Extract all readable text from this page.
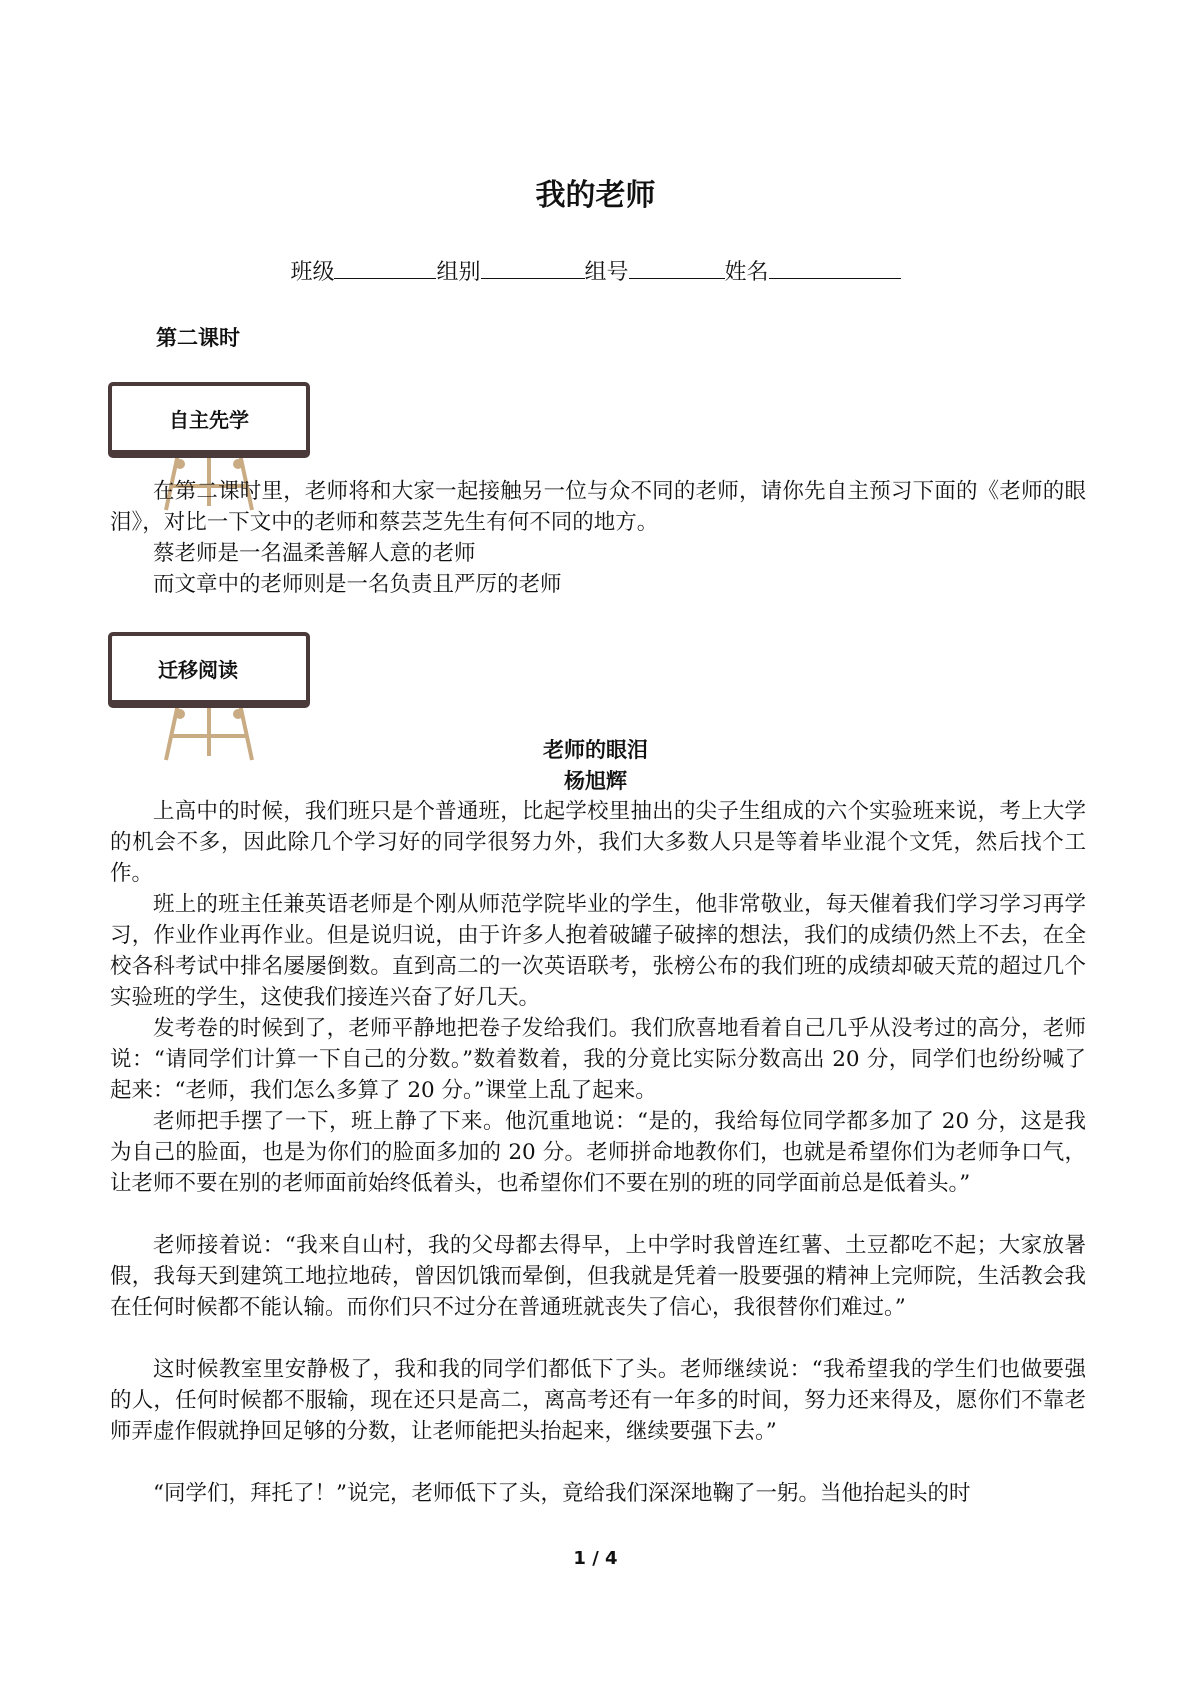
我的老师
班级	组别	组号	姓名
第二课时
自主先学

在第二课时里，老师将和大家一起接触另一位与众不同的老师，请你先自主预习下面的《老师的眼泪》，对比一下文中的老师和蔡芸芝先生有何不同的地方。

蔡老师是一名温柔善解人意的老师

而文章中的老师则是一名负责且严厉的老师

迁移阅读
老师的眼泪
杨旭辉

上高中的时候，我们班只是个普通班，比起学校里抽出的尖子生组成的六个实验班来说，考上大学的机会不多，因此除几个学习好的同学很努力外，我们大多数人只是等着毕业混个文凭，然后找个工作。

班上的班主任兼英语老师是个刚从师范学院毕业的学生，他非常敬业，每天催着我们学习学习再学习，作业作业再作业。但是说归说，由于许多人抱着破罐子破摔的想法，我们的成绩仍然上不去，在全校各科考试中排名屡屡倒数。直到高二的一次英语联考，张榜公布的我们班的成绩却破天荒的超过几个实验班的学生，这使我们接连兴奋了好几天。

发考卷的时候到了，老师平静地把卷子发给我们。我们欣喜地看着自己几乎从没考过的高分，老师说：“请同学们计算一下自己的分数。”数着数着，我的分竟比实际分数高出 20 分，同学们也纷纷喊了起来：“老师，我们怎么多算了 20 分。”课堂上乱了起来。

老师把手摆了一下，班上静了下来。他沉重地说：“是的，我给每位同学都多加了 20 分，这是我为自己的脸面，也是为你们的脸面多加的 20 分。老师拼命地教你们，也就是希望你们为老师争口气，让老师不要在别的老师面前始终低着头，也希望你们不要在别的班的同学面前总是低着头。”

老师接着说：“我来自山村，我的父母都去得早，上中学时我曾连红薯、土豆都吃不起；大家放暑假，我每天到建筑工地拉地砖，曾因饥饿而晕倒，但我就是凭着一股要强的精神上完师院，生活教会我在任何时候都不能认输。而你们只不过分在普通班就丧失了信心，我很替你们难过。”

这时候教室里安静极了，我和我的同学们都低下了头。老师继续说：“我希望我的学生们也做要强的人，任何时候都不服输，现在还只是高二，离高考还有一年多的时间，努力还来得及，愿你们不靠老师弄虚作假就挣回足够的分数，让老师能把头抬起来，继续要强下去。”

“同学们，拜托了！”说完，老师低下了头，竟给我们深深地鞠了一躬。当他抬起头的时

1 / 4
